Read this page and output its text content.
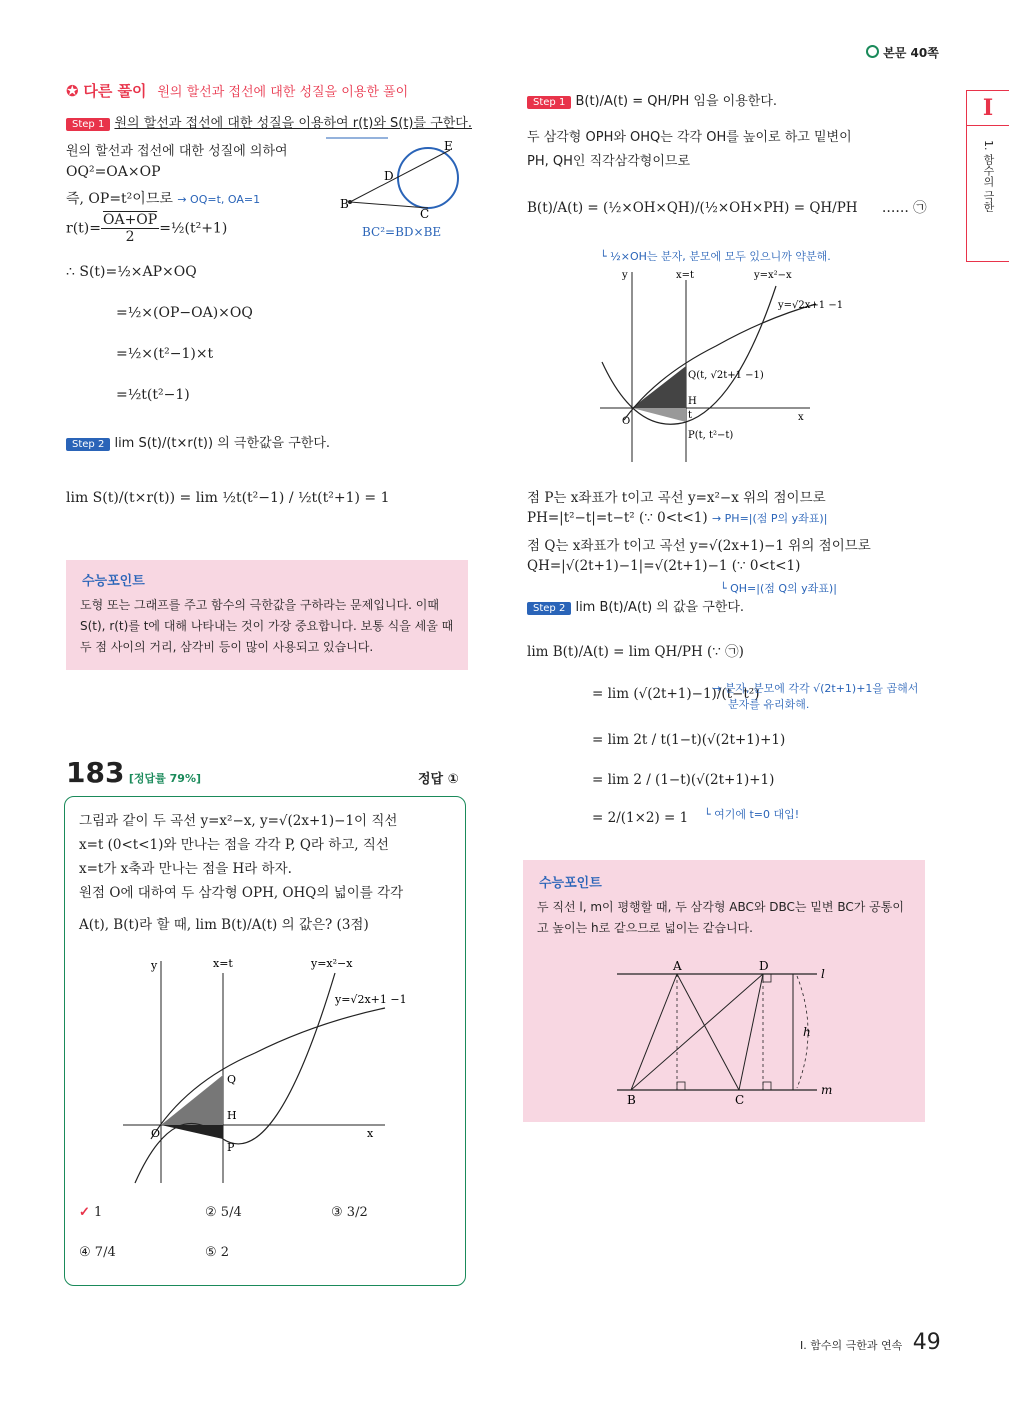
본문 40쪽
I
1. 함수의 극한
✪ 다른 풀이 원의 할선과 접선에 대한 성질을 이용한 풀이
Step 1 원의 할선과 접선에 대한 성질을 이용하여 r(t)와 S(t)를 구한다.
원의 할선과 접선에 대한 성질에 의하여
OQ²=OA×OP
즉, OP=t²이므로 → OQ=t, OA=1
$r(t)= \frac{OA+OP}{2}$ =½(t²+1)
∴ S(t)=½×AP×OQ
=½×(OP−OA)×OQ
=½×(t²−1)×t
=½t(t²−1)
Step 2 lim S(t)/(t×r(t)) 의 극한값을 구한다.
lim S(t)/(t×r(t)) = lim ½t(t²−1) / ½t(t²+1) = 1
E
D
B
C
BC²=BD×BE
수능포인트
도형 또는 그래프를 주고 함수의 극한값을 구하라는 문제입니다. 이때 S(t), r(t)를 t에 대해 나타내는 것이 가장 중요합니다. 보통 식을 세울 때 두 점 사이의 거리, 삼각비 등이 많이 사용되고 있습니다.
183 [정답률 79%]	정답 ①
그림과 같이 두 곡선 y=x²−x, y=√(2x+1)−1이 직선
x=t (0<t<1)와 만나는 점을 각각 P, Q라 하고, 직선
x=t가 x축과 만나는 점을 H라 하자.
원점 O에 대하여 두 삼각형 OPH, OHQ의 넓이를 각각
A(t), B(t)라 할 때, lim B(t)/A(t) 의 값은? (3점)
y	x=t	y=x²−x
y=√2x+1 −1
Q
H
O
P
x
✓ 1	② 5/4	③ 3/2
④ 7/4	⑤ 2
Step 1 B(t)/A(t) = QH/PH 임을 이용한다.
두 삼각형 OPH와 OHQ는 각각 OH를 높이로 하고 밑변이
PH, QH인 직각삼각형이므로
B(t)/A(t) = (½×OH×QH)/(½×OH×PH) = QH/PH …… ㉠
└ ½×OH는 분자, 분모에 모두 있으니까 약분해.
y	x=t	y=x²−x
y=√2x+1 −1
Q(t, √2t+1 −1)
H
t
O
P(t, t²−t)
x
점 P는 x좌표가 t이고 곡선 y=x²−x 위의 점이므로
PH=|t²−t|=t−t² (∵ 0<t<1) → PH=|(점 P의 y좌표)|
점 Q는 x좌표가 t이고 곡선 y=√(2x+1)−1 위의 점이므로
QH=|√(2t+1)−1|=√(2t+1)−1 (∵ 0<t<1)
└ QH=|(점 Q의 y좌표)|
Step 2 lim B(t)/A(t) 의 값을 구한다.
lim B(t)/A(t) = lim QH/PH (∵ ㉠)
= lim (√(2t+1)−1)/(t−t²)
→ 분자, 분모에 각각 √(2t+1)+1을 곱해서
분자를 유리화해.
= lim 2t / t(1−t)(√(2t+1)+1)
= lim 2 / (1−t)(√(2t+1)+1)
= 2/(1×2) = 1 └ 여기에 t=0 대입!
수능포인트
두 직선 l, m이 평행할 때, 두 삼각형 ABC와 DBC는 밑변 BC가 공통이고 높이는 h로 같으므로 넓이는 같습니다.
A	D
l
h
B	C
m
I. 함수의 극한과 연속 49
